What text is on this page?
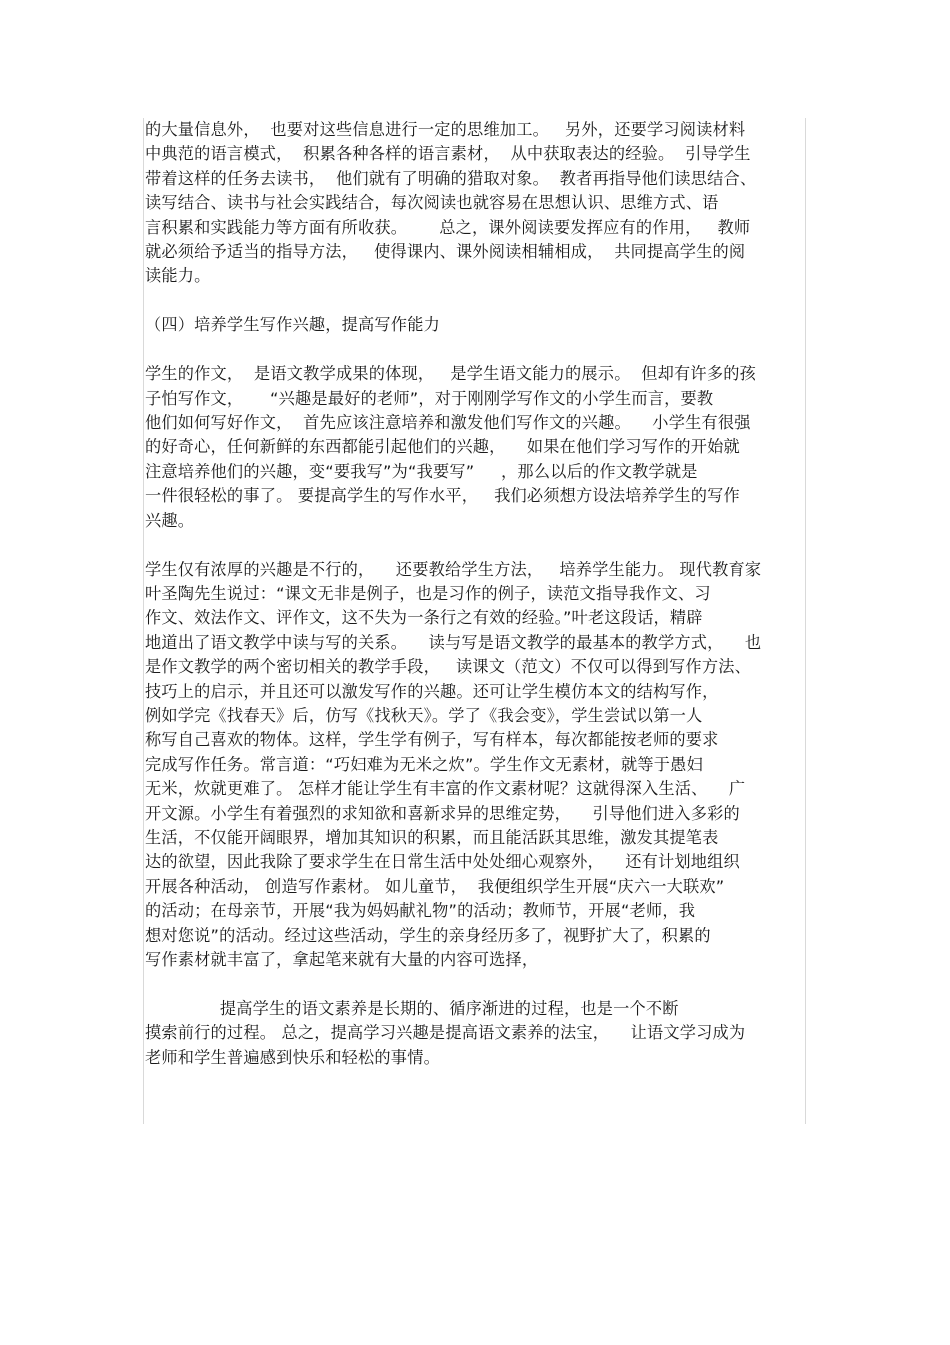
的大量信息外，  也要对这些信息进行一定的思维加工。   另外，还要学习阅读材料
中典范的语言模式，  积累各种各样的语言素材，  从中获取表达的经验。  引导学生
带着这样的任务去读书，  他们就有了明确的猎取对象。  教者再指导他们读思结合、
读写结合、读书与社会实践结合，每次阅读也就容易在思想认识、思维方式、语
言积累和实践能力等方面有所收获。      总之，课外阅读要发挥应有的作用，   教师
就必须给予适当的指导方法，   使得课内、课外阅读相辅相成，  共同提高学生的阅
读能力。
（四）培养学生写作兴趣，提高写作能力
学生的作文，  是语文教学成果的体现，   是学生语文能力的展示。  但却有许多的孩
子怕写作文，     “兴趣是最好的老师”，对于刚刚学写作文的小学生而言，要教
他们如何写好作文，  首先应该注意培养和激发他们写作文的兴趣。    小学生有很强
的好奇心，任何新鲜的东西都能引起他们的兴趣，    如果在他们学习写作的开始就
注意培养他们的兴趣，变“要我写”为“我要写”     ，那么以后的作文教学就是
一件很轻松的事了。 要提高学生的写作水平，   我们必须想方设法培养学生的写作
兴趣。
学生仅有浓厚的兴趣是不行的，    还要教给学生方法，   培养学生能力。 现代教育家
叶圣陶先生说过：“课文无非是例子，也是习作的例子，读范文指导我作文、习
作文、效法作文、评作文，这不失为一条行之有效的经验。”叶老这段话，精辟
地道出了语文教学中读与写的关系。    读与写是语文教学的最基本的教学方式，    也
是作文教学的两个密切相关的教学手段，   读课文（范文）不仅可以得到写作方法、
技巧上的启示，并且还可以激发写作的兴趣。还可让学生模仿本文的结构写作，
例如学完《找春天》后，仿写《找秋天》。学了《我会变》，学生尝试以第一人
称写自己喜欢的物体。这样，学生学有例子，写有样本，每次都能按老师的要求
完成写作任务。常言道：“巧妇难为无米之炊”。学生作文无素材，就等于愚妇
无米，炊就更难了。 怎样才能让学生有丰富的作文素材呢？这就得深入生活、    广
开文源。小学生有着强烈的求知欲和喜新求异的思维定势，    引导他们进入多彩的
生活，不仅能开阔眼界，增加其知识的积累，而且能活跃其思维，激发其提笔表
达的欲望，因此我除了要求学生在日常生活中处处细心观察外，    还有计划地组织
开展各种活动， 创造写作素材。 如儿童节，  我便组织学生开展“庆六一大联欢”
的活动；在母亲节，开展“我为妈妈献礼物”的活动；教师节，开展“老师，我
想对您说”的活动。经过这些活动，学生的亲身经历多了，视野扩大了，积累的
写作素材就丰富了，拿起笔来就有大量的内容可选择，
提高学生的语文素养是长期的、循序渐进的过程，也是一个不断
摸索前行的过程。 总之，提高学习兴趣是提高语文素养的法宝，    让语文学习成为
老师和学生普遍感到快乐和轻松的事情。
